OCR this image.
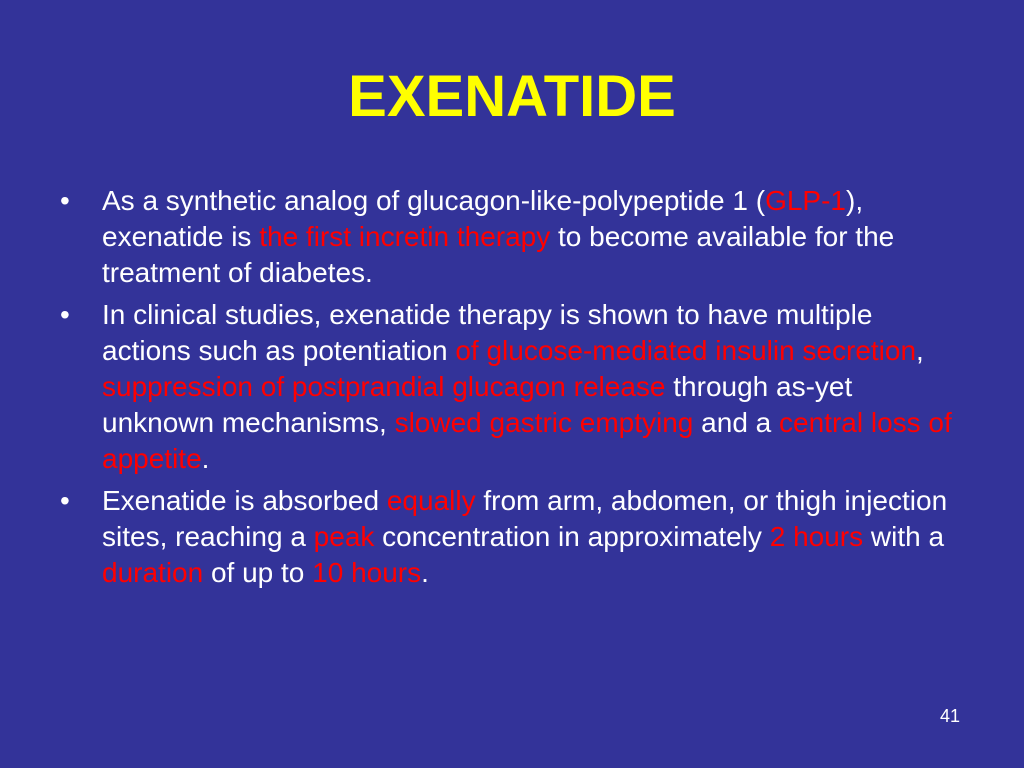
EXENATIDE
• As a synthetic analog of glucagon-like-polypeptide 1 (GLP-1), exenatide is the first incretin therapy to become available for the treatment of diabetes.
• In clinical studies, exenatide therapy is shown to have multiple actions such as potentiation of glucose-mediated insulin secretion, suppression of postprandial glucagon release through as-yet unknown mechanisms, slowed gastric emptying and a central loss of appetite.
• Exenatide is absorbed equally from arm, abdomen, or thigh injection sites, reaching a peak concentration in approximately 2 hours with a duration of up to 10 hours.
41
